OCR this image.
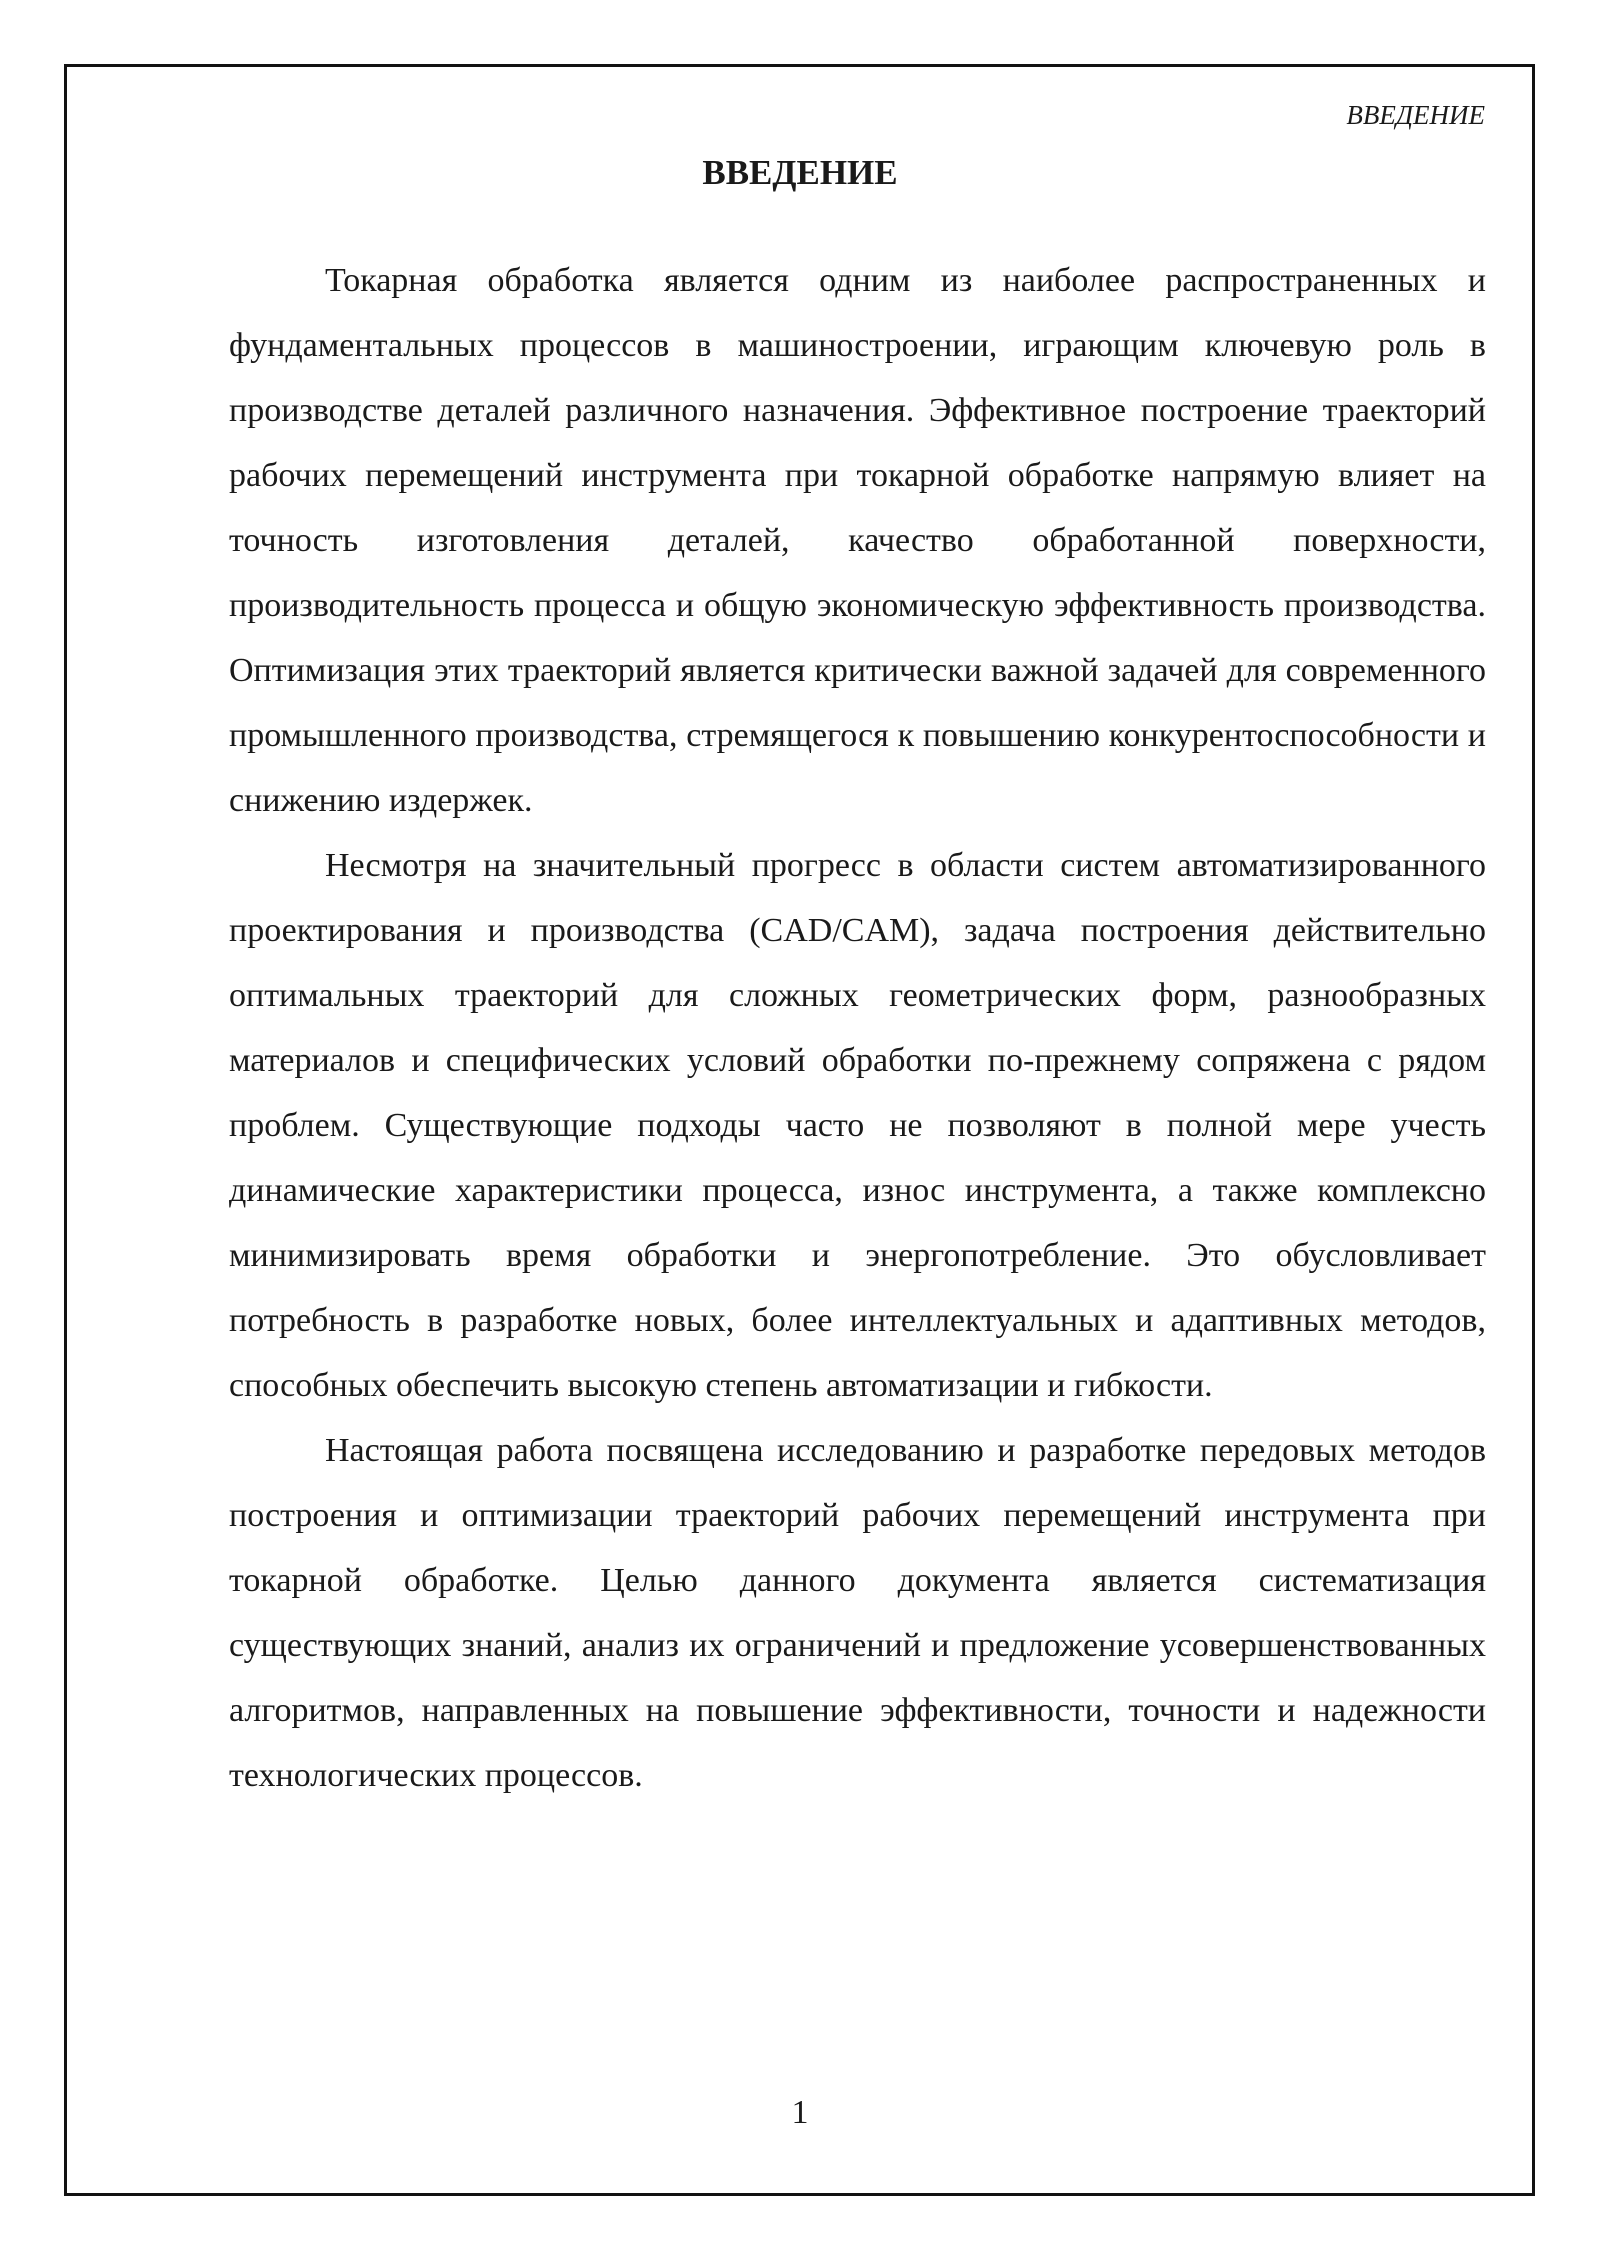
ВВЕДЕНИЕ

ВВЕДЕНИЕ

Токарная обработка является одним из наиболее распространенных и фундаментальных процессов в машиностроении, играющим ключевую роль в производстве деталей различного назначения. Эффективное построение траекторий рабочих перемещений инструмента при токарной обработке напрямую влияет на точность изготовления деталей, качество обработанной поверхности, производительность процесса и общую экономическую эффективность производства. Оптимизация этих траекторий является критически важной задачей для современного промышленного производства, стремящегося к повышению конкурентоспособности и снижению издержек.

Несмотря на значительный прогресс в области систем автоматизированного проектирования и производства (CAD/CAM), задача построения действительно оптимальных траекторий для сложных геометрических форм, разнообразных материалов и специфических условий обработки по-прежнему сопряжена с рядом проблем. Существующие подходы часто не позволяют в полной мере учесть динамические характеристики процесса, износ инструмента, а также комплексно минимизировать время обработки и энергопотребление. Это обусловливает потребность в разработке новых, более интеллектуальных и адаптивных методов, способных обеспечить высокую степень автоматизации и гибкости.

Настоящая работа посвящена исследованию и разработке передовых методов построения и оптимизации траекторий рабочих перемещений инструмента при токарной обработке. Целью данного документа является систематизация существующих знаний, анализ их ограничений и предложение усовершенствованных алгоритмов, направленных на повышение эффективности, точности и надежности технологических процессов.

1
